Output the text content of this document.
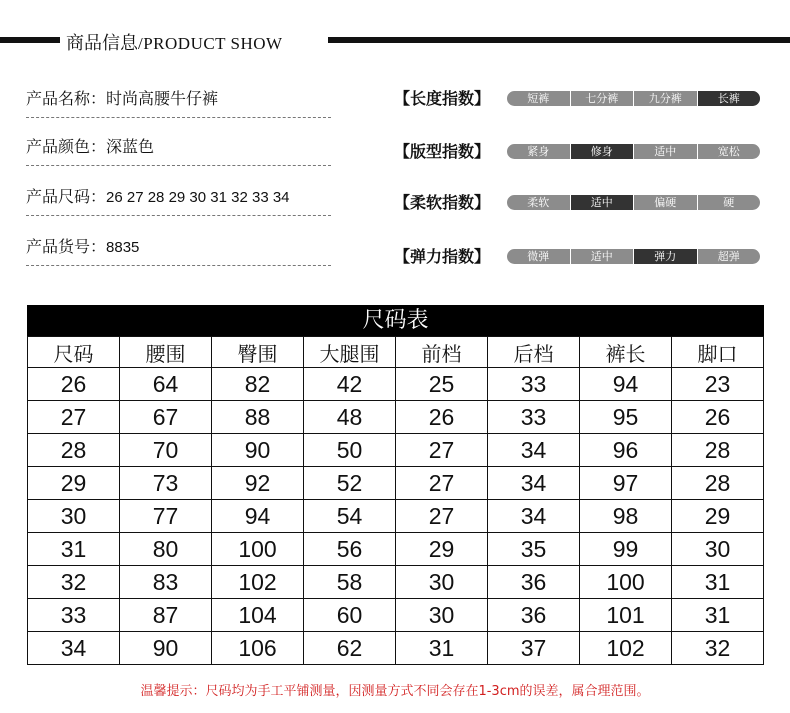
商品信息/PRODUCT SHOW
产品名称：时尚高腰牛仔裤
产品颜色：深蓝色
产品尺码：26 27 28 29 30 31 32 33 34
产品货号：8835
【长度指数】	短裤	七分裤	九分裤	长裤
【版型指数】	紧身	修身	适中	宽松
【柔软指数】	柔软	适中	偏硬	硬
【弹力指数】	微弹	适中	弹力	超弹
尺码表
尺码	腰围	臀围	大腿围	前档	后档	裤长	脚口
26	64	82	42	25	33	94	23
27	67	88	48	26	33	95	26
28	70	90	50	27	34	96	28
29	73	92	52	27	34	97	28
30	77	94	54	27	34	98	29
31	80	100	56	29	35	99	30
32	83	102	58	30	36	100	31
33	87	104	60	30	36	101	31
34	90	106	62	31	37	102	32
温馨提示：尺码均为手工平铺测量，因测量方式不同会存在1-3cm的误差，属合理范围。
